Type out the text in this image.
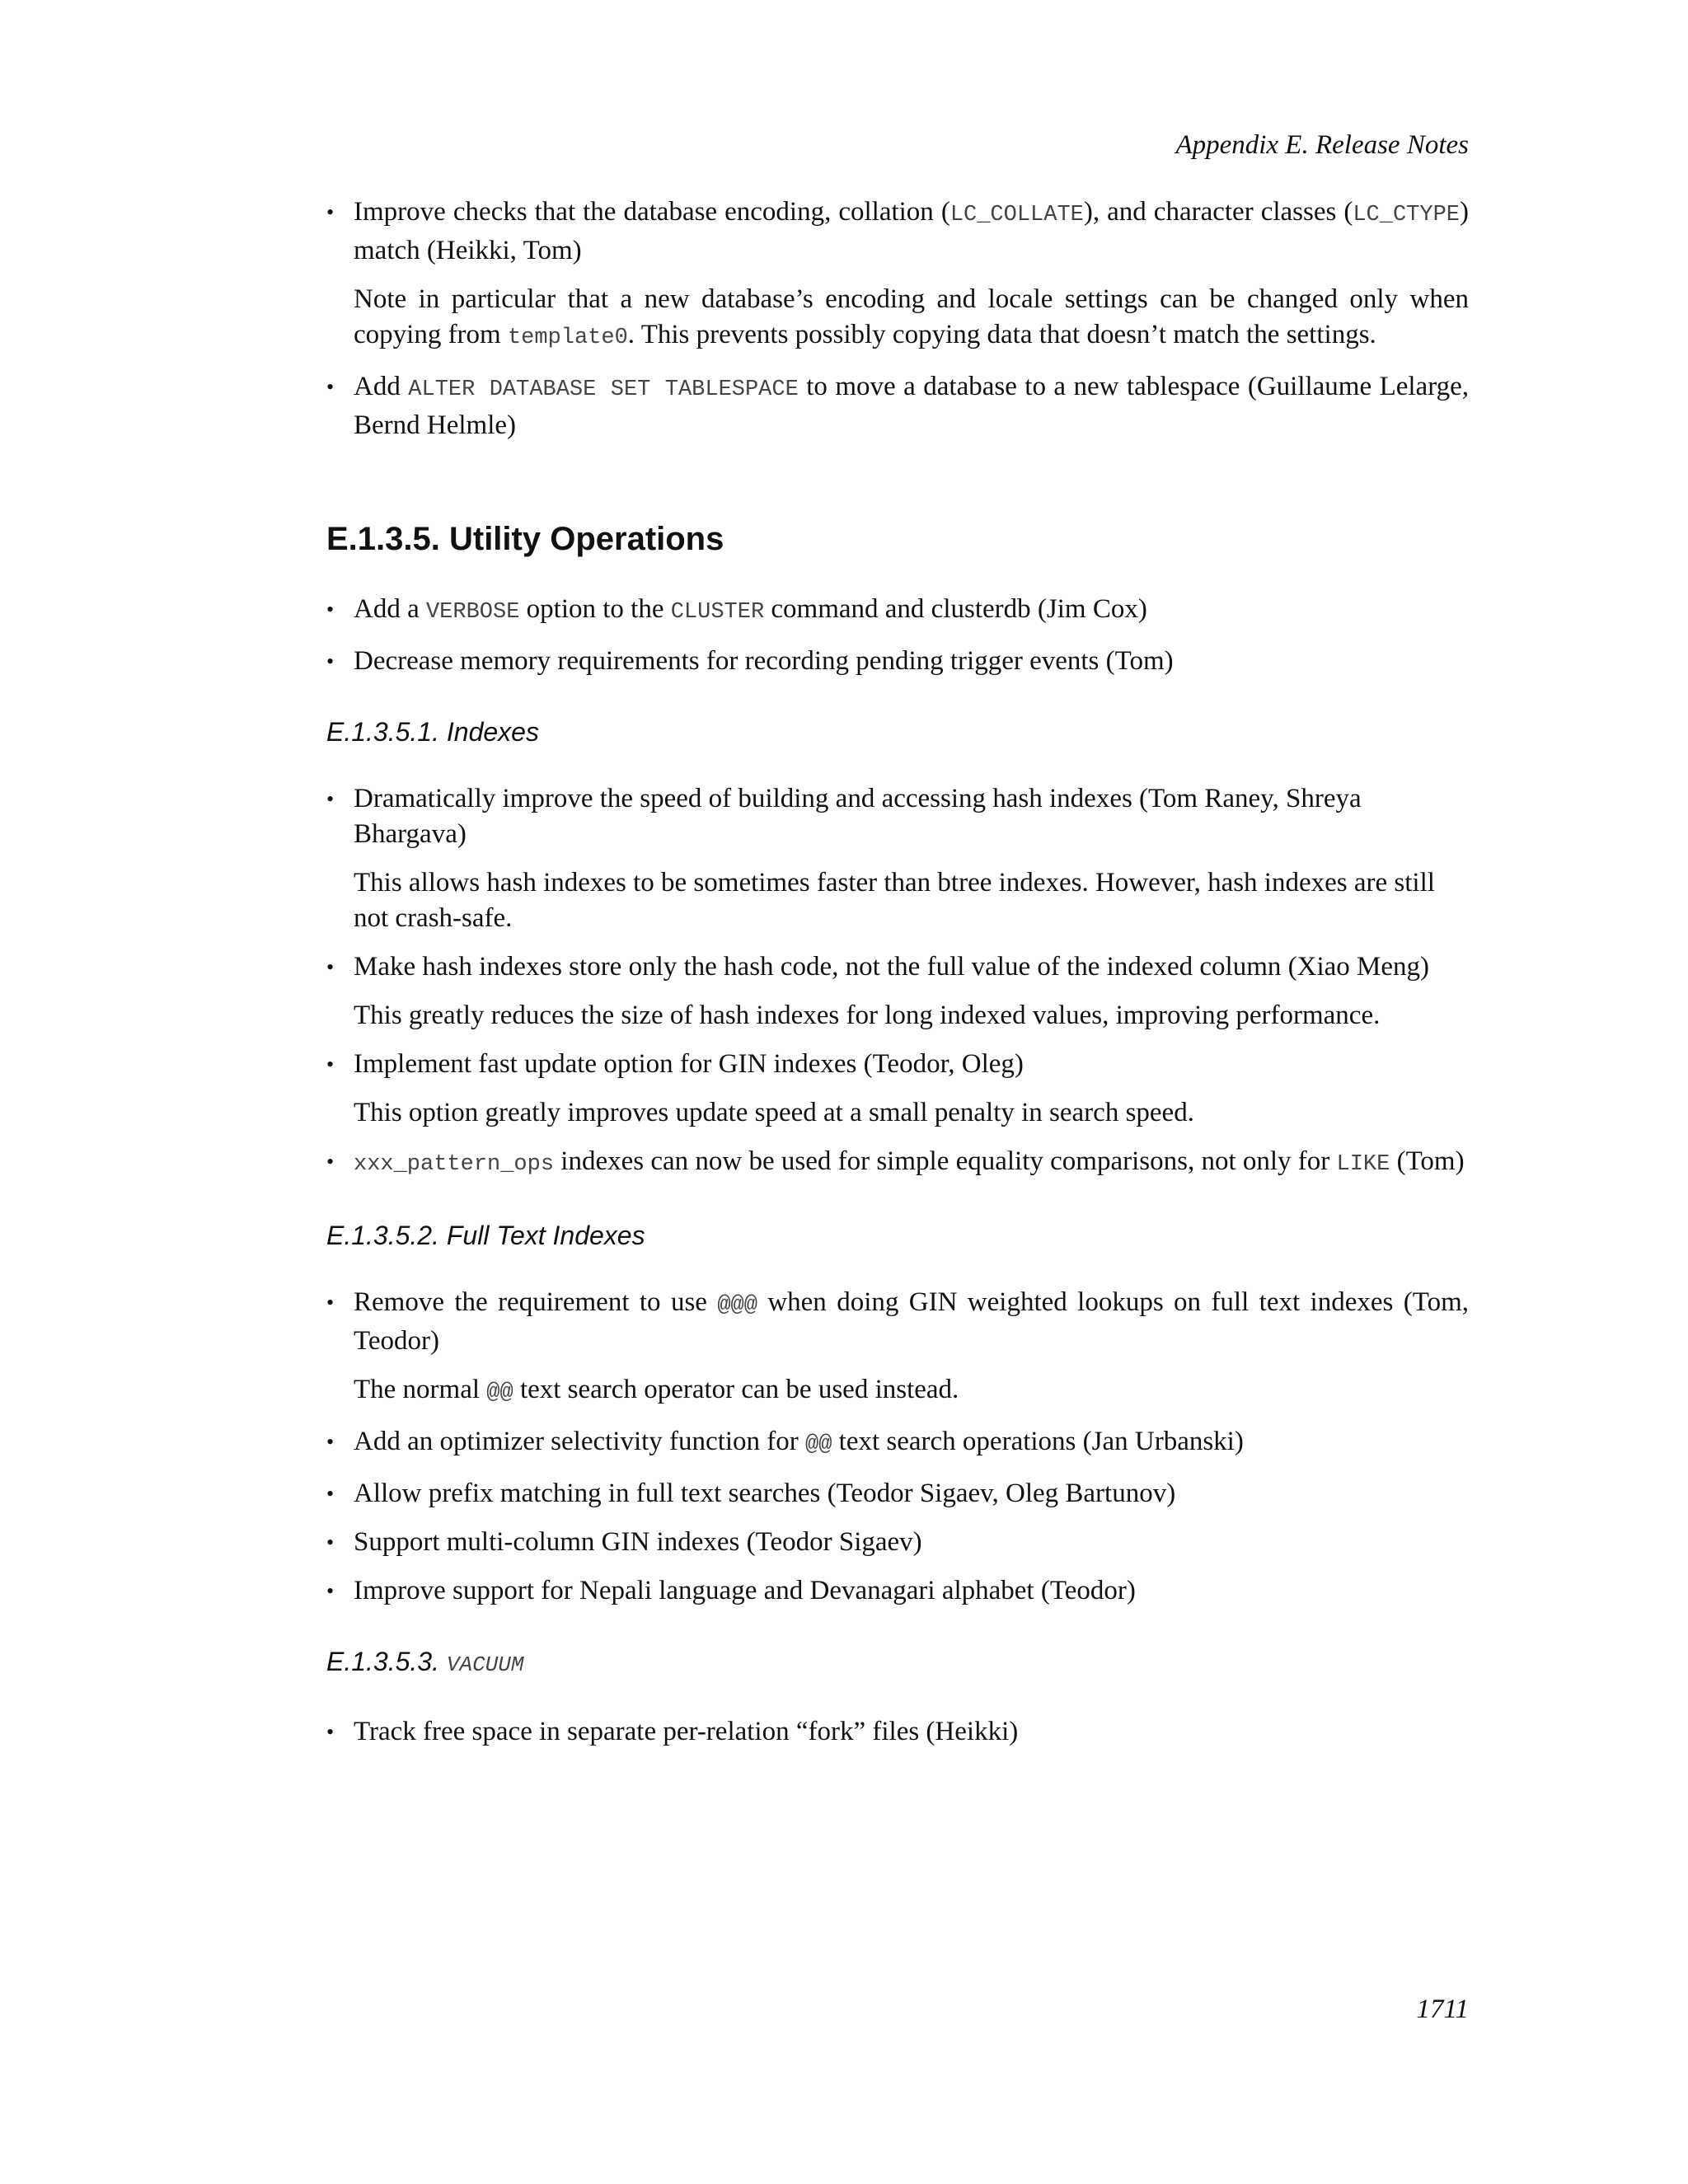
Appendix E. Release Notes
• Improve checks that the database encoding, collation (LC_COLLATE), and character classes (LC_CTYPE) match (Heikki, Tom)
Note in particular that a new database’s encoding and locale settings can be changed only when copying from template0. This prevents possibly copying data that doesn’t match the settings.
• Add ALTER DATABASE SET TABLESPACE to move a database to a new tablespace (Guillaume Lelarge, Bernd Helmle)
E.1.3.5. Utility Operations
• Add a VERBOSE option to the CLUSTER command and clusterdb (Jim Cox)
• Decrease memory requirements for recording pending trigger events (Tom)
E.1.3.5.1. Indexes
• Dramatically improve the speed of building and accessing hash indexes (Tom Raney, Shreya Bhargava)
This allows hash indexes to be sometimes faster than btree indexes. However, hash indexes are still not crash-safe.
• Make hash indexes store only the hash code, not the full value of the indexed column (Xiao Meng)
This greatly reduces the size of hash indexes for long indexed values, improving performance.
• Implement fast update option for GIN indexes (Teodor, Oleg)
This option greatly improves update speed at a small penalty in search speed.
• xxx_pattern_ops indexes can now be used for simple equality comparisons, not only for LIKE (Tom)
E.1.3.5.2. Full Text Indexes
• Remove the requirement to use @@@ when doing GIN weighted lookups on full text indexes (Tom, Teodor)
The normal @@ text search operator can be used instead.
• Add an optimizer selectivity function for @@ text search operations (Jan Urbanski)
• Allow prefix matching in full text searches (Teodor Sigaev, Oleg Bartunov)
• Support multi-column GIN indexes (Teodor Sigaev)
• Improve support for Nepali language and Devanagari alphabet (Teodor)
E.1.3.5.3. VACUUM
• Track free space in separate per-relation “fork” files (Heikki)
1711
